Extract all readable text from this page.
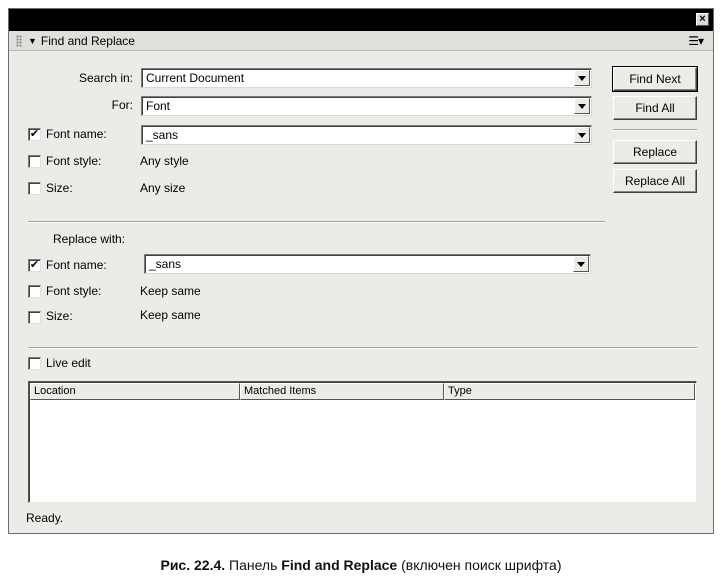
×
▼ Find and Replace	☰▾
Search in: Current Document
For: Font
✔ Font name:	_sans
Font style:	Any style
Size:	Any size
Replace with:
✔ Font name:	_sans
Font style:	Keep same
Size:	Keep same
Find Next
Find All
Replace
Replace All
Live edit
Location	Matched Items	Type
Ready.
Рис. 22.4. Панель Find and Replace (включен поиск шрифта)
